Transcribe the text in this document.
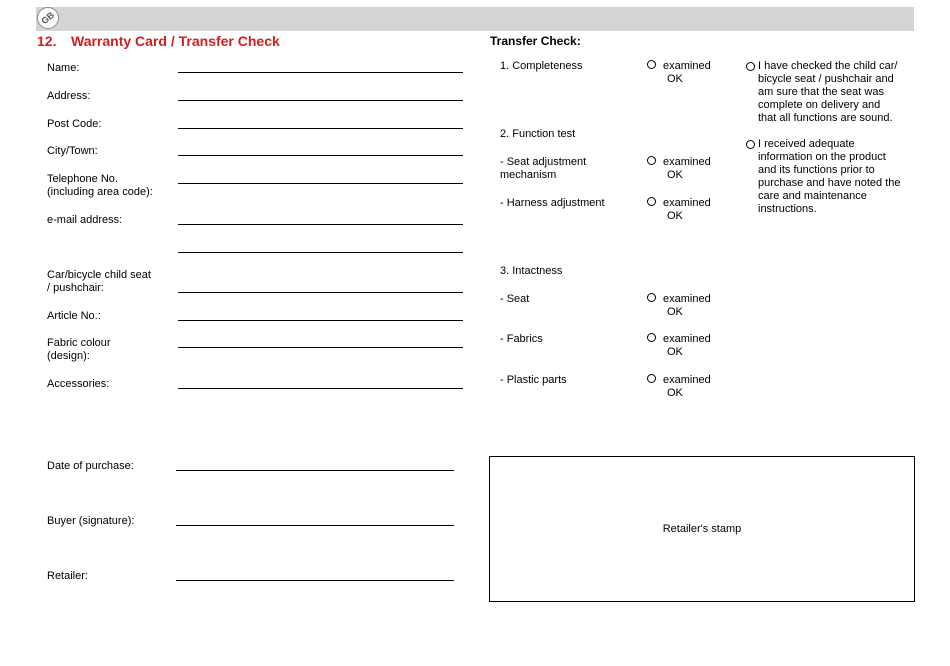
GB
12. Warranty Card / Transfer Check
Name:
Address:
Post Code:
City/Town:
Telephone No.
(including area code):
e-mail address:
Car/bicycle child seat
/ pushchair:
Article No.:
Fabric colour
(design):
Accessories:
Date of purchase:
Buyer (signature):
Retailer:
Transfer Check:
1. Completeness
2. Function test
- Seat adjustment
mechanism
- Harness adjustment
3. Intactness
- Seat
- Fabrics
- Plastic parts
examined
OK
examined
OK
examined
OK
examined
OK
examined
OK
examined
OK
I have checked the child car/
bicycle seat / pushchair and
am sure that the seat was
complete on delivery and
that all functions are sound.
I received adequate
information on the product
and its functions prior to
purchase and have noted the
care and maintenance
instructions.
Retailer's stamp
